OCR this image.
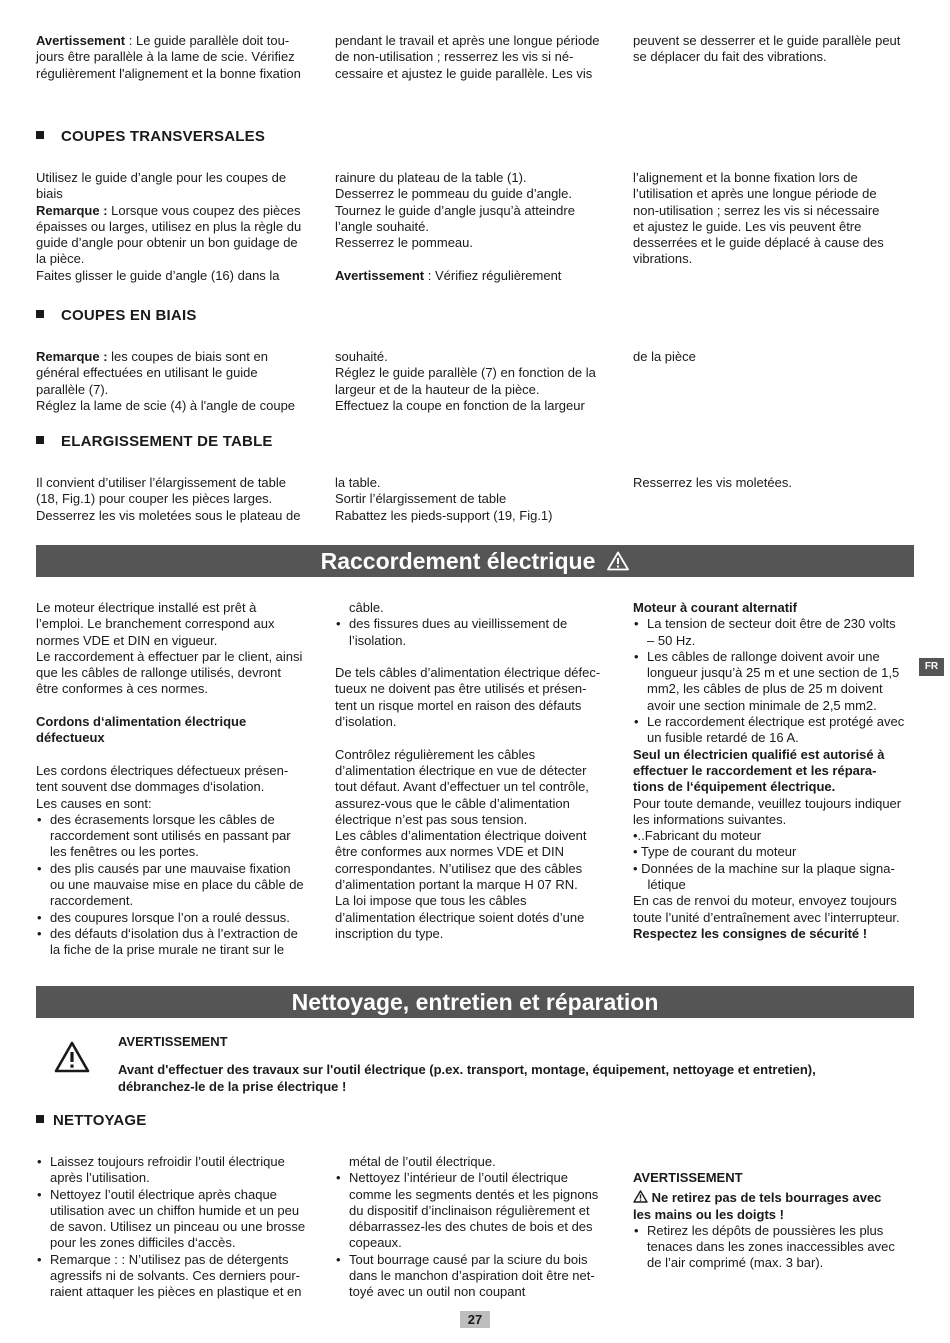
Avertissement : Le guide parallèle doit tou-
jours être parallèle à la lame de scie. Vérifiez
régulièrement l'alignement et la bonne fixation
pendant le travail et après une longue période
de non-utilisation ; resserrez les vis si né-
cessaire et ajustez le guide parallèle. Les vis
peuvent se desserrer et le guide parallèle peut
se déplacer du fait des vibrations.
COUPES TRANSVERSALES
Utilisez le guide d’angle pour les coupes de
biais
Remarque : Lorsque vous coupez des pièces
épaisses ou larges, utilisez en plus la règle du
guide d’angle pour obtenir un bon guidage de
la pièce.
Faites glisser le guide d’angle (16) dans la
rainure du plateau de la table (1).
Desserrez le pommeau du guide d’angle.
Tournez le guide d’angle jusqu’à atteindre
l’angle souhaité.
Resserrez le pommeau.
Avertissement : Vérifiez régulièrement
l’alignement et la bonne fixation lors de
l’utilisation et après une longue période de
non-utilisation ; serrez les vis si nécessaire
et ajustez le guide. Les vis peuvent être
desserrées et le guide déplacé à cause des
vibrations.
COUPES EN BIAIS
Remarque : les coupes de biais sont en
général effectuées en utilisant le guide
parallèle (7).
Réglez la lame de scie (4) à l'angle de coupe
souhaité.
Réglez le guide parallèle (7) en fonction de la
largeur et de la hauteur de la pièce.
Effectuez la coupe en fonction de la largeur
de la pièce
ELARGISSEMENT DE TABLE
Il convient d’utiliser l’élargissement de table
(18, Fig.1) pour couper les pièces larges.
Desserrez les vis moletées sous le plateau de
la table.
Sortir l’élargissement de table
Rabattez les pieds-support (19, Fig.1)
Resserrez les vis moletées.
Raccordement électrique
Le moteur électrique installé est prêt à
l’emploi. Le branchement correspond aux
normes VDE et DIN en vigueur.
Le raccordement à effectuer par le client, ainsi
que les câbles de rallonge utilisés, devront
être conformes à ces normes.
Cordons d‘alimentation électrique
défectueux
Les cordons électriques défectueux présen-
tent souvent dse dommages d‘isolation.
Les causes en sont:
• des écrasements lorsque les câbles de
raccordement sont utilisés en passant par
les fenêtres ou les portes.
• des plis causés par une mauvaise fixation
ou une mauvaise mise en place du câble de
raccordement.
• des coupures lorsque l’on a roulé dessus.
• des défauts d‘isolation dus à l’extraction de
la fiche de la prise murale ne tirant sur le
câble.
• des fissures dues au vieillissement de
l’isolation.
De tels câbles d’alimentation électrique défec-
tueux ne doivent pas être utilisés et présen-
tent un risque mortel en raison des défauts
d’isolation.
Contrôlez régulièrement les câbles
d’alimentation électrique en vue de détecter
tout défaut. Avant d’effectuer un tel contrôle,
assurez-vous que le câble d’alimentation
électrique n’est pas sous tension.
Les câbles d’alimentation électrique doivent
être conformes aux normes VDE et DIN
correspondantes. N’utilisez que des câbles
d’alimentation portant la marque H 07 RN.
La loi impose que tous les câbles
d’alimentation électrique soient dotés d’une
inscription du type.
Moteur à courant alternatif
• La tension de secteur doit être de 230 volts
– 50 Hz.
• Les câbles de rallonge doivent avoir une
longueur jusqu’à 25 m et une section de 1,5
mm2, les câbles de plus de 25 m doivent
avoir une section minimale de 2,5 mm2.
• Le raccordement électrique est protégé avec
un fusible retardé de 16 A.
Seul un électricien qualifié est autorisé à
effectuer le raccordement et les répara-
tions de l‘équipement électrique.
Pour toute demande, veuillez toujours indiquer
les informations suivantes.
•..Fabricant du moteur
• Type de courant du moteur
• Données de la machine sur la plaque signa-
létique
En cas de renvoi du moteur, envoyez toujours
toute l’unité d’entraînement avec l’interrupteur.
Respectez les consignes de sécurité !
FR
Nettoyage, entretien et réparation
AVERTISSEMENT
Avant d'effectuer des travaux sur l'outil électrique (p.ex. transport, montage, équipement, nettoyage et entretien),
débranchez-le de la prise électrique !
NETTOYAGE
• Laissez toujours refroidir l’outil électrique
après l’utilisation.
• Nettoyez l’outil électrique après chaque
utilisation avec un chiffon humide et un peu
de savon. Utilisez un pinceau ou une brosse
pour les zones difficiles d‘accès.
• Remarque : : N’utilisez pas de détergents
agressifs ni de solvants. Ces derniers pour-
raient attaquer les pièces en plastique et en
métal de l’outil électrique.
• Nettoyez l’intérieur de l’outil électrique
comme les segments dentés et les pignons
du dispositif d’inclinaison régulièrement et
débarrassez-les des chutes de bois et des
copeaux.
• Tout bourrage causé par la sciure du bois
dans le manchon d’aspiration doit être net-
toyé avec un outil non coupant
AVERTISSEMENT
Ne retirez pas de tels bourrages avec
les mains ou les doigts !
• Retirez les dépôts de poussières les plus
tenaces dans les zones inaccessibles avec
de l’air comprimé (max. 3 bar).
27
